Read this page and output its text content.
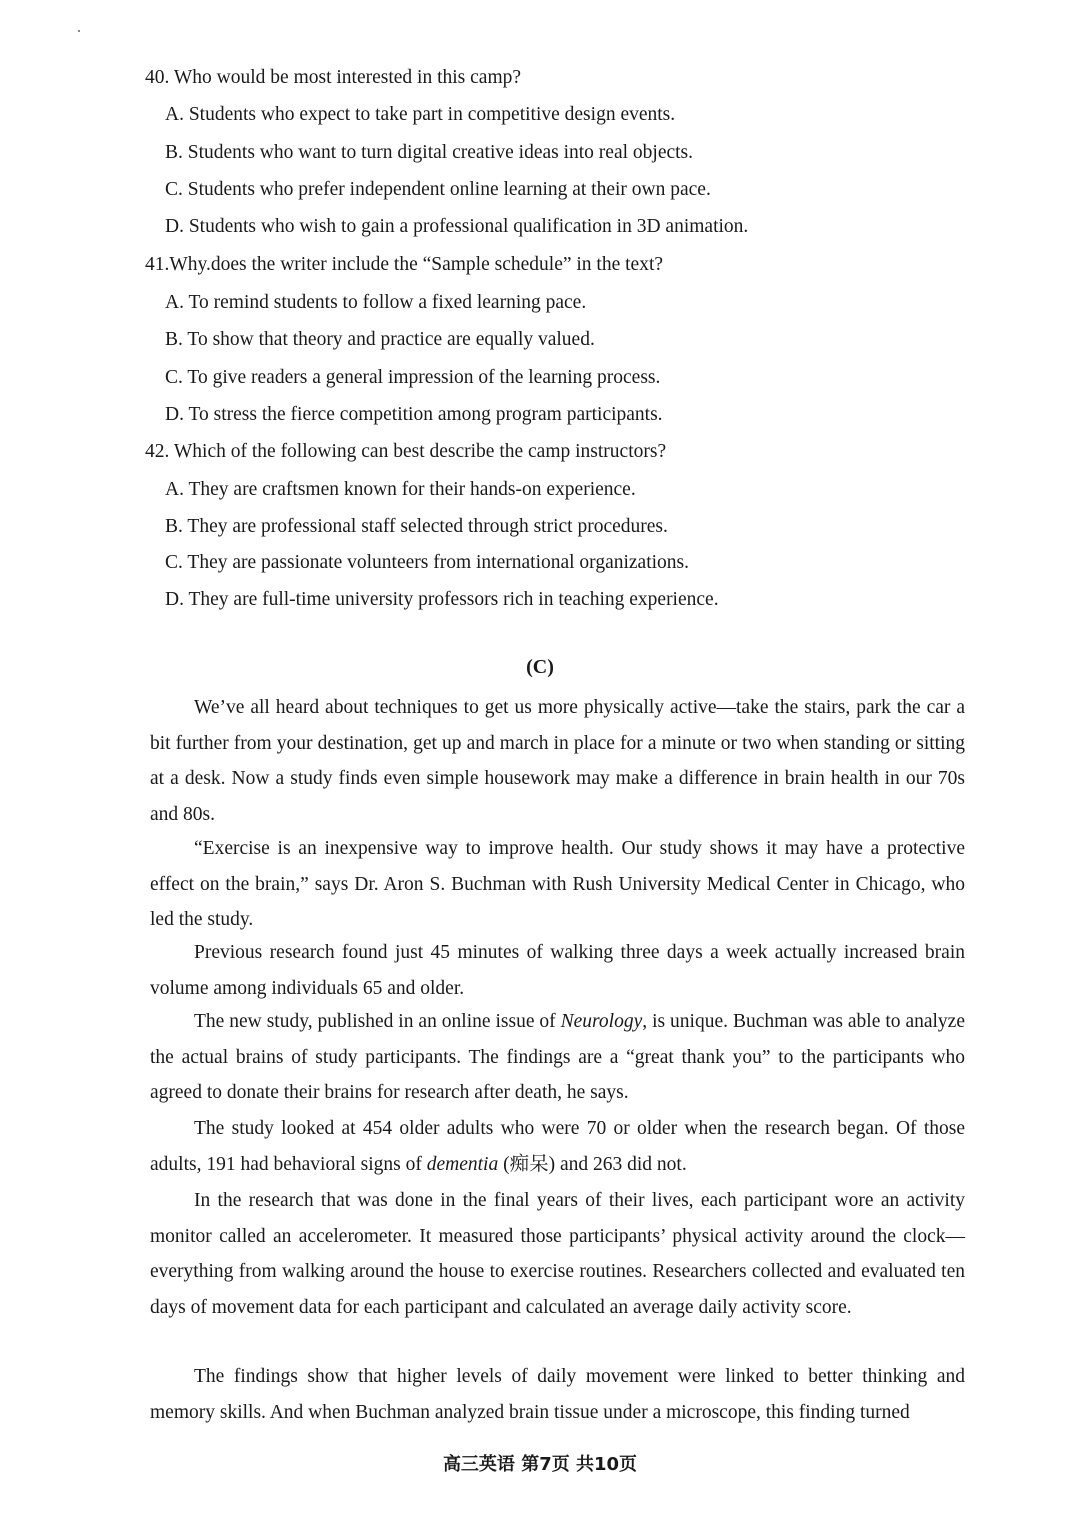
40. Who would be most interested in this camp?
A. Students who expect to take part in competitive design events.
B. Students who want to turn digital creative ideas into real objects.
C. Students who prefer independent online learning at their own pace.
D. Students who wish to gain a professional qualification in 3D animation.
41.Why.does the writer include the “Sample schedule” in the text?
A. To remind students to follow a fixed learning pace.
B. To show that theory and practice are equally valued.
C. To give readers a general impression of the learning process.
D. To stress the fierce competition among program participants.
42. Which of the following can best describe the camp instructors?
A. They are craftsmen known for their hands-on experience.
B. They are professional staff selected through strict procedures.
C. They are passionate volunteers from international organizations.
D. They are full-time university professors rich in teaching experience.
(C)
We’ve all heard about techniques to get us more physically active—take the stairs, park the car a bit further from your destination, get up and march in place for a minute or two when standing or sitting at a desk. Now a study finds even simple housework may make a difference in brain health in our 70s and 80s.
“Exercise is an inexpensive way to improve health. Our study shows it may have a protective effect on the brain,” says Dr. Aron S. Buchman with Rush University Medical Center in Chicago, who led the study.
Previous research found just 45 minutes of walking three days a week actually increased brain volume among individuals 65 and older.
The new study, published in an online issue of Neurology, is unique. Buchman was able to analyze the actual brains of study participants. The findings are a “great thank you” to the participants who agreed to donate their brains for research after death, he says.
The study looked at 454 older adults who were 70 or older when the research began. Of those adults, 191 had behavioral signs of dementia (痴呆) and 263 did not.
In the research that was done in the final years of their lives, each participant wore an activity monitor called an accelerometer. It measured those participants’ physical activity around the clock—everything from walking around the house to exercise routines. Researchers collected and evaluated ten days of movement data for each participant and calculated an average daily activity score.
The findings show that higher levels of daily movement were linked to better thinking and memory skills. And when Buchman analyzed brain tissue under a microscope, this finding turned
高三英语 第7页 共10页
